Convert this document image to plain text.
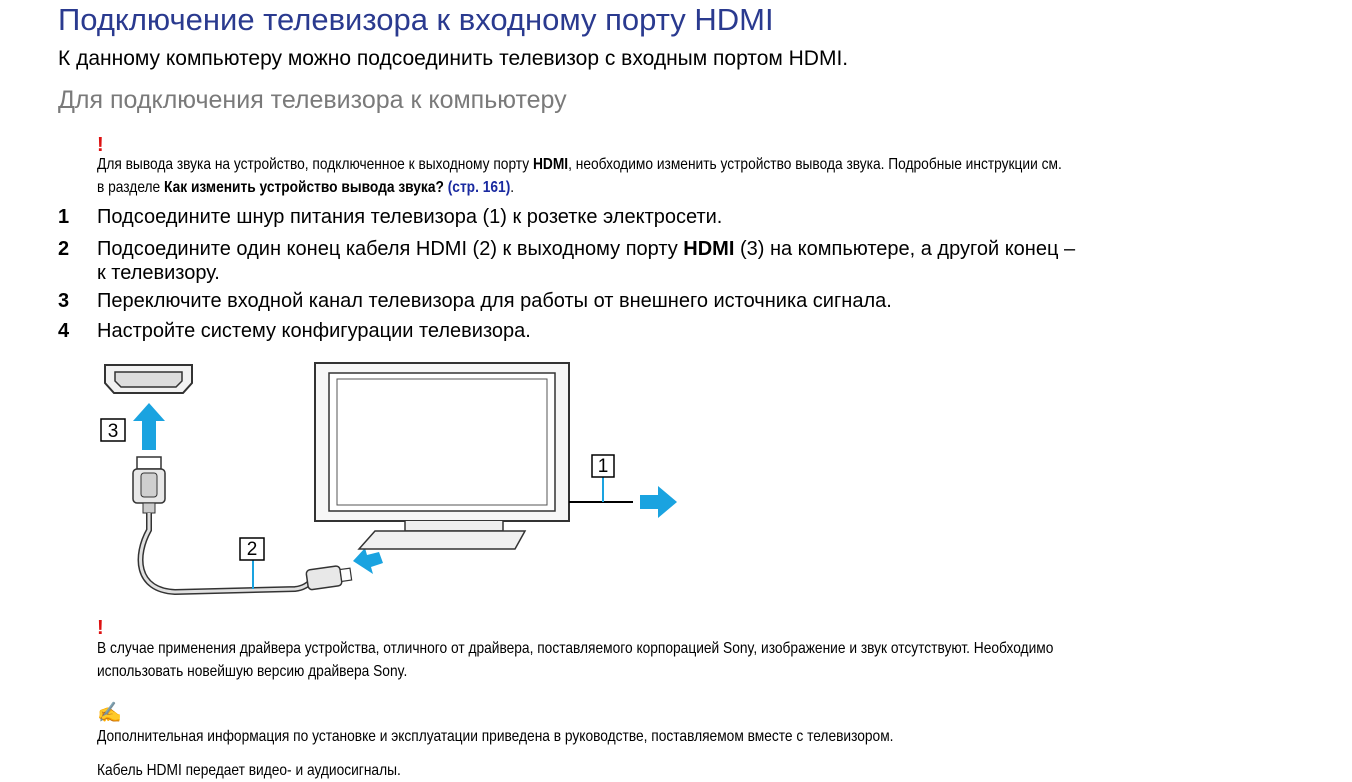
Подключение телевизора к входному порту HDMI
К данному компьютеру можно подсоединить телевизор с входным портом HDMI.
Для подключения телевизора к компьютеру
!
Для вывода звука на устройство, подключенное к выходному порту HDMI, необходимо изменить устройство вывода звука. Подробные инструкции см.
в разделе Как изменить устройство вывода звука? (стр. 161).
1 Подсоедините шнур питания телевизора (1) к розетке электросети.
2 Подсоедините один конец кабеля HDMI (2) к выходному порту HDMI (3) на компьютере, а другой конец –
к телевизору.
3 Переключите входной канал телевизора для работы от внешнего источника сигнала.
4 Настройте систему конфигурации телевизора.
3
2
1
!
В случае применения драйвера устройства, отличного от драйвера, поставляемого корпорацией Sony, изображение и звук отсутствуют. Необходимо
использовать новейшую версию драйвера Sony.
✍
Дополнительная информация по установке и эксплуатации приведена в руководстве, поставляемом вместе с телевизором.
Кабель HDMI передает видео- и аудиосигналы.
